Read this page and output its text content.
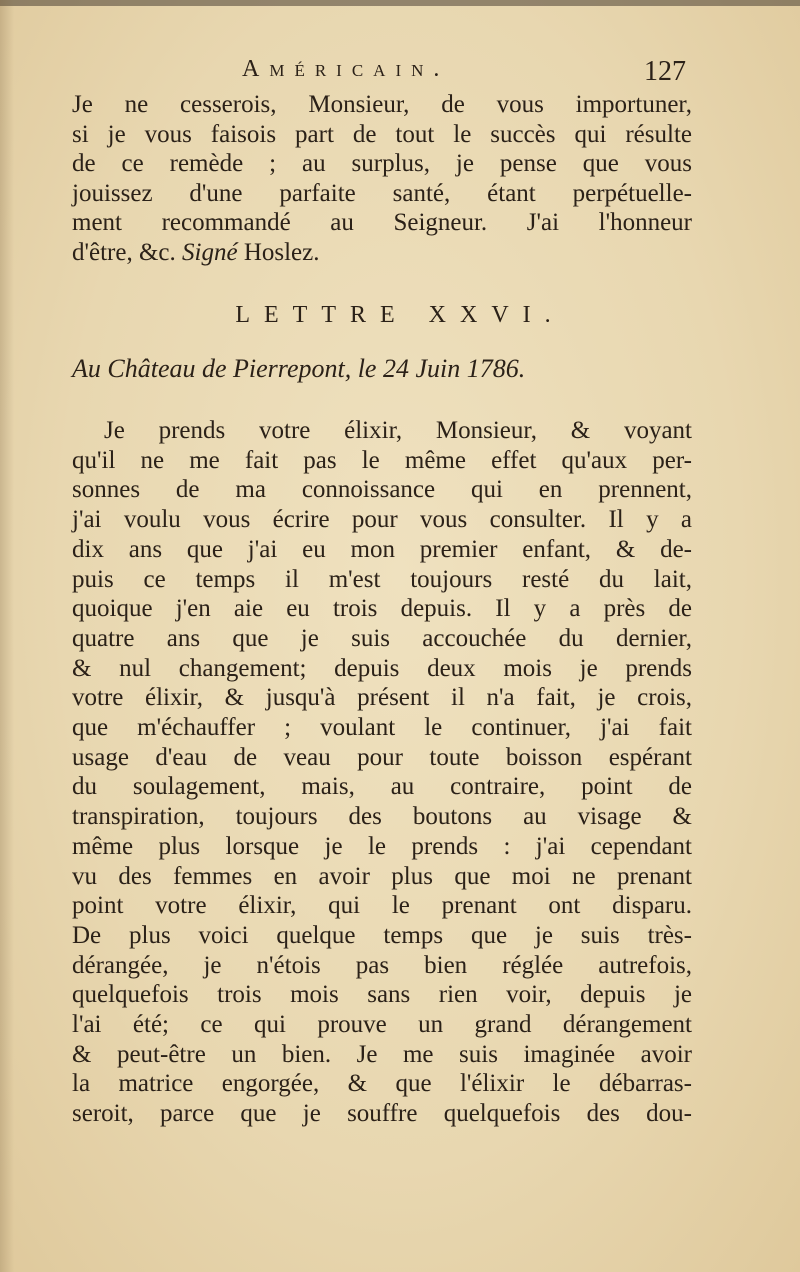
Américain.	127
Je ne cesserois, Monsieur, de vous importuner,
si je vous faisois part de tout le succès qui résulte
de ce remède ; au surplus, je pense que vous
jouissez d'une parfaite santé, étant perpétuelle-
ment recommandé au Seigneur. J'ai l'honneur
d'être, &c. Signé Hoslez.
LETTRE XXVI.
Au Château de Pierrepont, le 24 Juin 1786.
Je prends votre élixir, Monsieur, & voyant
qu'il ne me fait pas le même effet qu'aux per-
sonnes de ma connoissance qui en prennent,
j'ai voulu vous écrire pour vous consulter. Il y a
dix ans que j'ai eu mon premier enfant, & de-
puis ce temps il m'est toujours resté du lait,
quoique j'en aie eu trois depuis. Il y a près de
quatre ans que je suis accouchée du dernier,
& nul changement; depuis deux mois je prends
votre élixir, & jusqu'à présent il n'a fait, je crois,
que m'échauffer ; voulant le continuer, j'ai fait
usage d'eau de veau pour toute boisson espérant
du soulagement, mais, au contraire, point de
transpiration, toujours des boutons au visage &
même plus lorsque je le prends : j'ai cependant
vu des femmes en avoir plus que moi ne prenant
point votre élixir, qui le prenant ont disparu.
De plus voici quelque temps que je suis très-
dérangée, je n'étois pas bien réglée autrefois,
quelquefois trois mois sans rien voir, depuis je
l'ai été; ce qui prouve un grand dérangement
& peut-être un bien. Je me suis imaginée avoir
la matrice engorgée, & que l'élixir le débarras-
seroit, parce que je souffre quelquefois des dou-
